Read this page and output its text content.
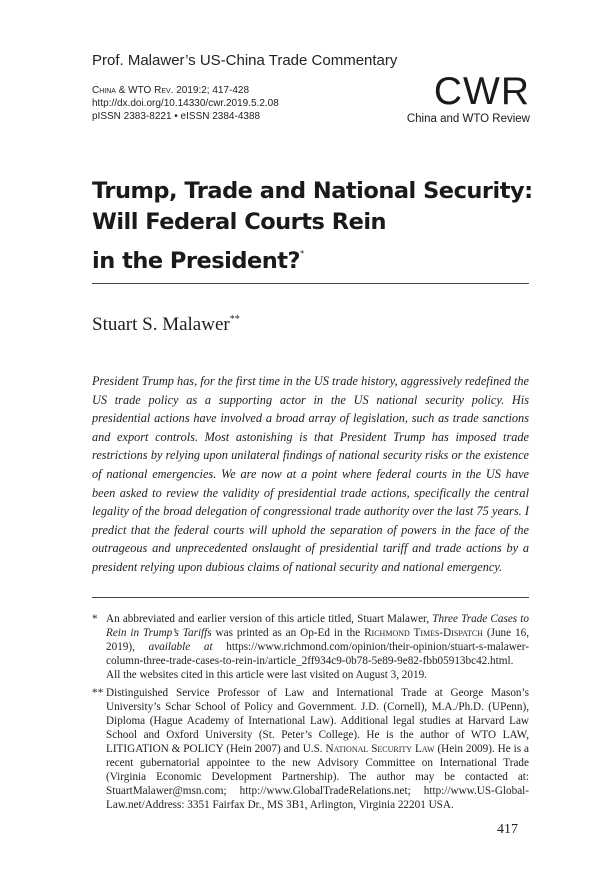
Prof. Malawer’s US-China Trade Commentary
China & WTO Rev. 2019:2; 417-428
http://dx.doi.org/10.14330/cwr.2019.5.2.08
pISSN 2383-8221 • eISSN 2384-4388
CWR
China and WTO Review
Trump, Trade and National Security:
Will Federal Courts Rein
in the President?*
Stuart S. Malawer**

President Trump has, for the first time in the US trade history, aggressively redefined the US trade policy as a supporting actor in the US national security policy. His presidential actions have involved a broad array of legislation, such as trade sanctions and export controls. Most astonishing is that President Trump has imposed trade restrictions by relying upon unilateral findings of national security risks or the existence of national emergencies. We are now at a point where federal courts in the US have been asked to review the validity of presidential trade actions, specifically the central legality of the broad delegation of congressional trade authority over the last 75 years. I predict that the federal courts will uphold the separation of powers in the face of the outrageous and unprecedented onslaught of presidential tariff and trade actions by a president relying upon dubious claims of national security and national emergency.

* An abbreviated and earlier version of this article titled, Stuart Malawer, Three Trade Cases to Rein in Trump’s Tariffs was printed as an Op-Ed in the Richmond Times-Dispatch (June 16, 2019), available at https://www.richmond.com/opinion/their-opinion/stuart-s-malawer-column-three-trade-cases-to-rein-in/article_2ff934c9-0b78-5e89-9e82-fbb05913bc42.html. All the websites cited in this article were last visited on August 3, 2019.
** Distinguished Service Professor of Law and International Trade at George Mason’s University’s Schar School of Policy and Government. J.D. (Cornell), M.A./Ph.D. (UPenn), Diploma (Hague Academy of International Law). Additional legal studies at Harvard Law School and Oxford University (St. Peter’s College). He is the author of WTO LAW, LITIGATION & POLICY (Hein 2007) and U.S. National Security Law (Hein 2009). He is a recent gubernatorial appointee to the new Advisory Committee on International Trade (Virginia Economic Development Partnership). The author may be contacted at: StuartMalawer@msn.com; http://www.GlobalTradeRelations.net; http://www.US-Global-Law.net/Address: 3351 Fairfax Dr., MS 3B1, Arlington, Virginia 22201 USA.
417
